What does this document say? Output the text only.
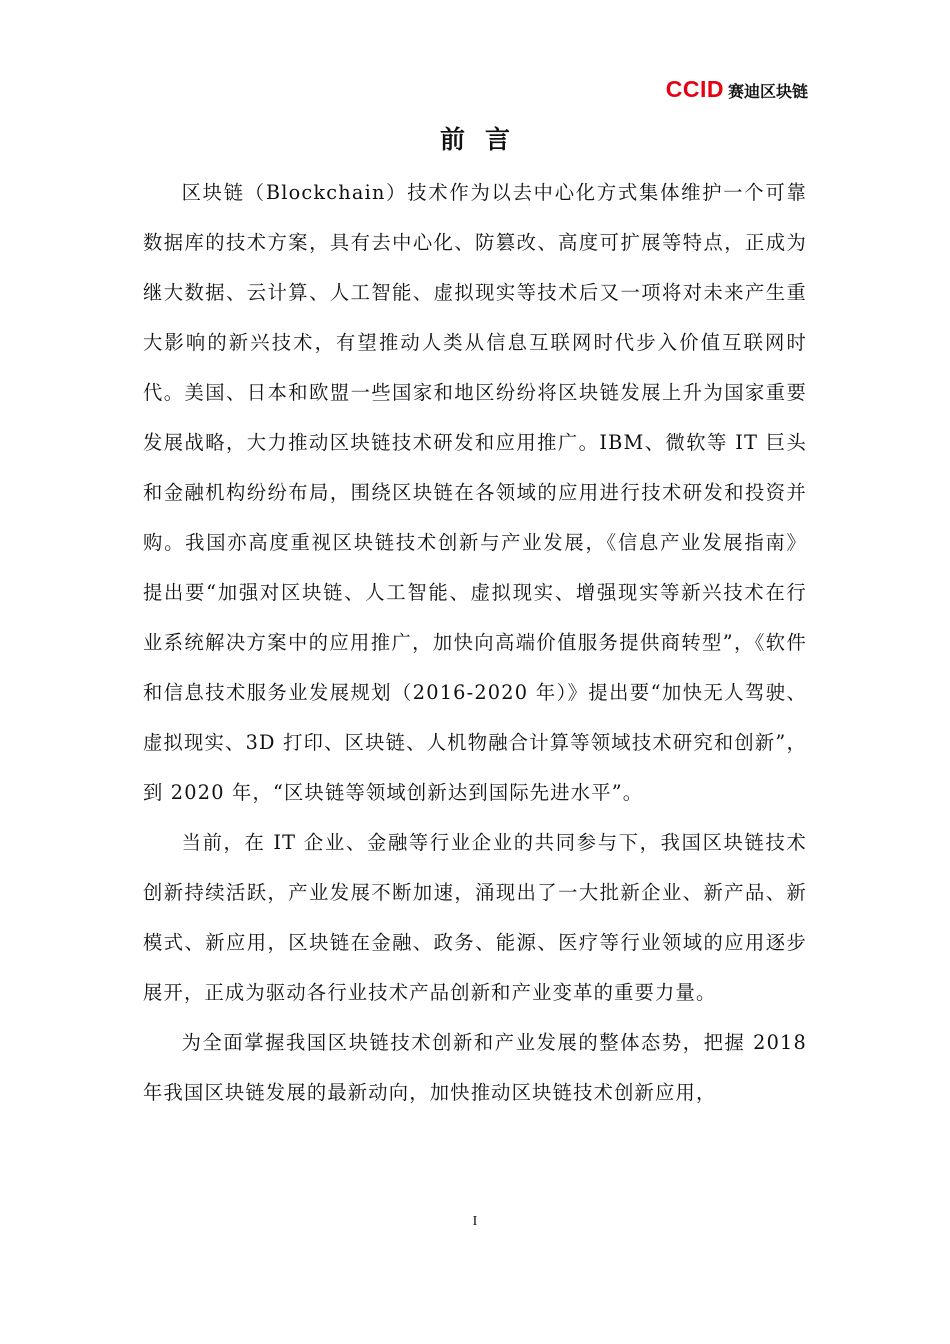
CCID 赛迪区块链
前言

区块链（Blockchain）技术作为以去中心化方式集体维护一个可靠数据库的技术方案，具有去中心化、防篡改、高度可扩展等特点，正成为继大数据、云计算、人工智能、虚拟现实等技术后又一项将对未来产生重大影响的新兴技术，有望推动人类从信息互联网时代步入价值互联网时代。美国、日本和欧盟一些国家和地区纷纷将区块链发展上升为国家重要发展战略，大力推动区块链技术研发和应用推广。IBM、微软等 IT 巨头和金融机构纷纷布局，围绕区块链在各领域的应用进行技术研发和投资并购。我国亦高度重视区块链技术创新与产业发展，《信息产业发展指南》提出要“加强对区块链、人工智能、虚拟现实、增强现实等新兴技术在行业系统解决方案中的应用推广，加快向高端价值服务提供商转型”，《软件和信息技术服务业发展规划（2016-2020 年）》提出要“加快无人驾驶、虚拟现实、3D 打印、区块链、人机物融合计算等领域技术研究和创新”，到 2020 年，“区块链等领域创新达到国际先进水平”。

当前，在 IT 企业、金融等行业企业的共同参与下，我国区块链技术创新持续活跃，产业发展不断加速，涌现出了一大批新企业、新产品、新模式、新应用，区块链在金融、政务、能源、医疗等行业领域的应用逐步展开，正成为驱动各行业技术产品创新和产业变革的重要力量。

为全面掌握我国区块链技术创新和产业发展的整体态势，把握 2018 年我国区块链发展的最新动向，加快推动区块链技术创新应用，

I
